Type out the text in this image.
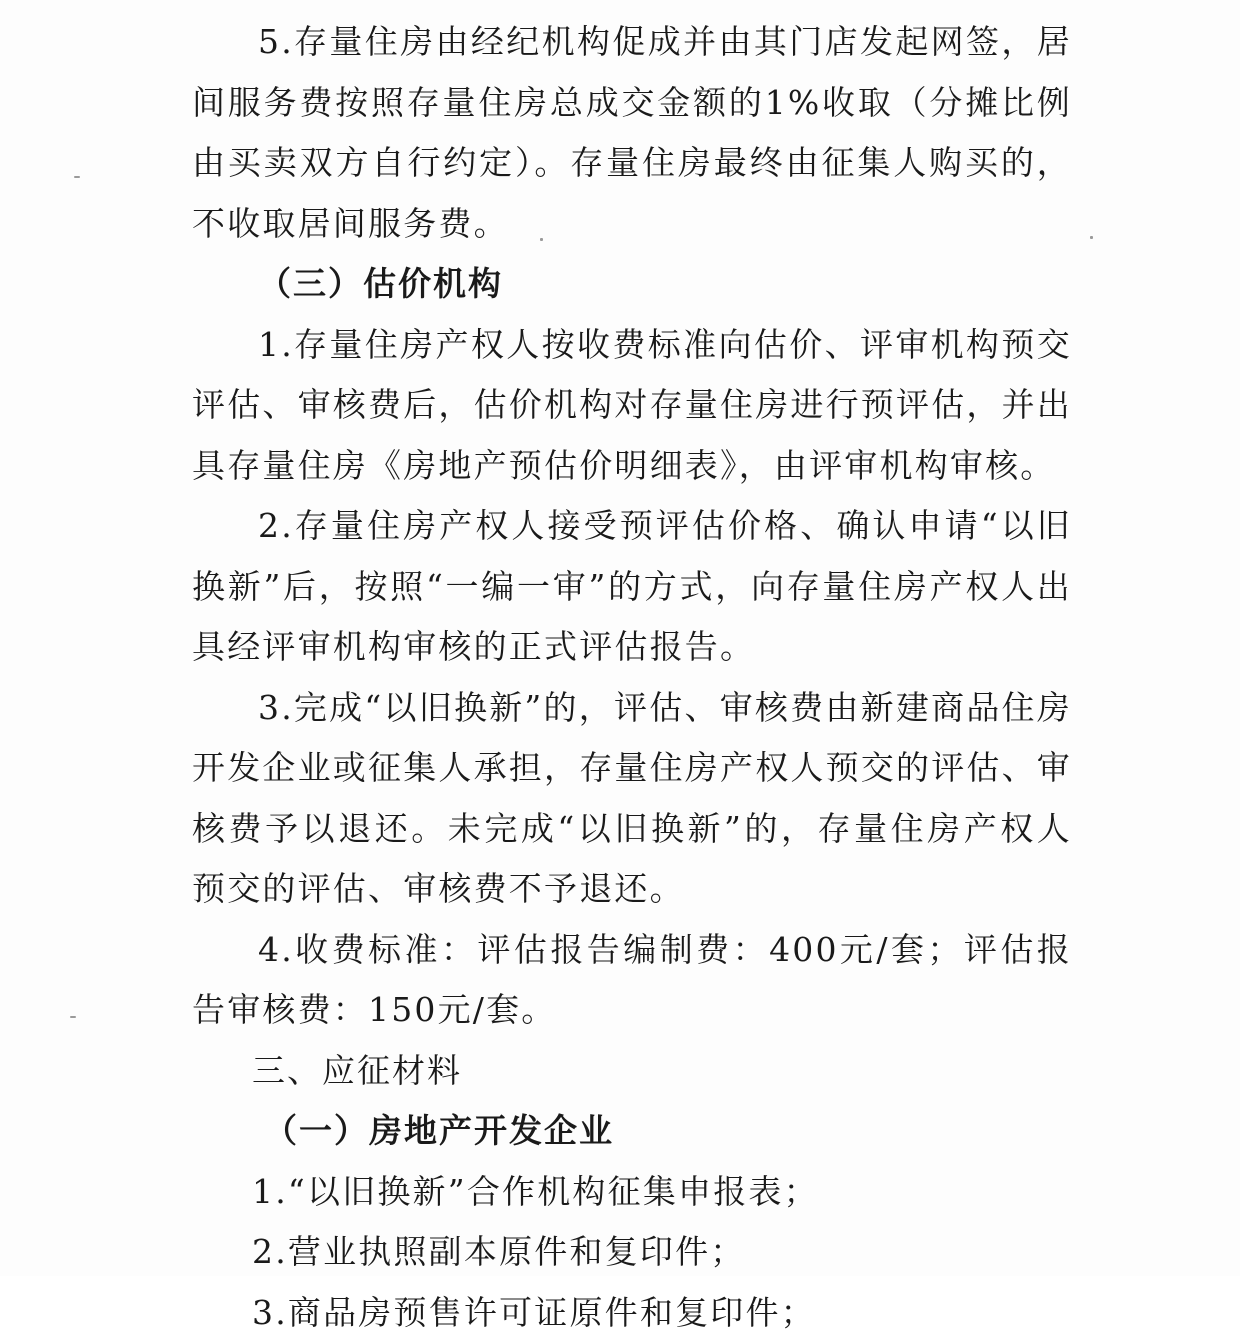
5.存量住房由经纪机构促成并由其门店发起网签，居间服务费按照存量住房总成交金额的1%收取（分摊比例由买卖双方自行约定）。存量住房最终由征集人购买的，不收取居间服务费。

（三）估价机构

1.存量住房产权人按收费标准向估价、评审机构预交评估、审核费后，估价机构对存量住房进行预评估，并出具存量住房《房地产预估价明细表》，由评审机构审核。

2.存量住房产权人接受预评估价格、确认申请“以旧换新”后，按照“一编一审”的方式，向存量住房产权人出具经评审机构审核的正式评估报告。

3.完成“以旧换新”的，评估、审核费由新建商品住房开发企业或征集人承担，存量住房产权人预交的评估、审核费予以退还。未完成“以旧换新”的，存量住房产权人预交的评估、审核费不予退还。

4.收费标准：评估报告编制费：400元/套；评估报告审核费：150元/套。

三、应征材料

（一）房地产开发企业

1.“以旧换新”合作机构征集申报表；

2.营业执照副本原件和复印件；

3.商品房预售许可证原件和复印件；
